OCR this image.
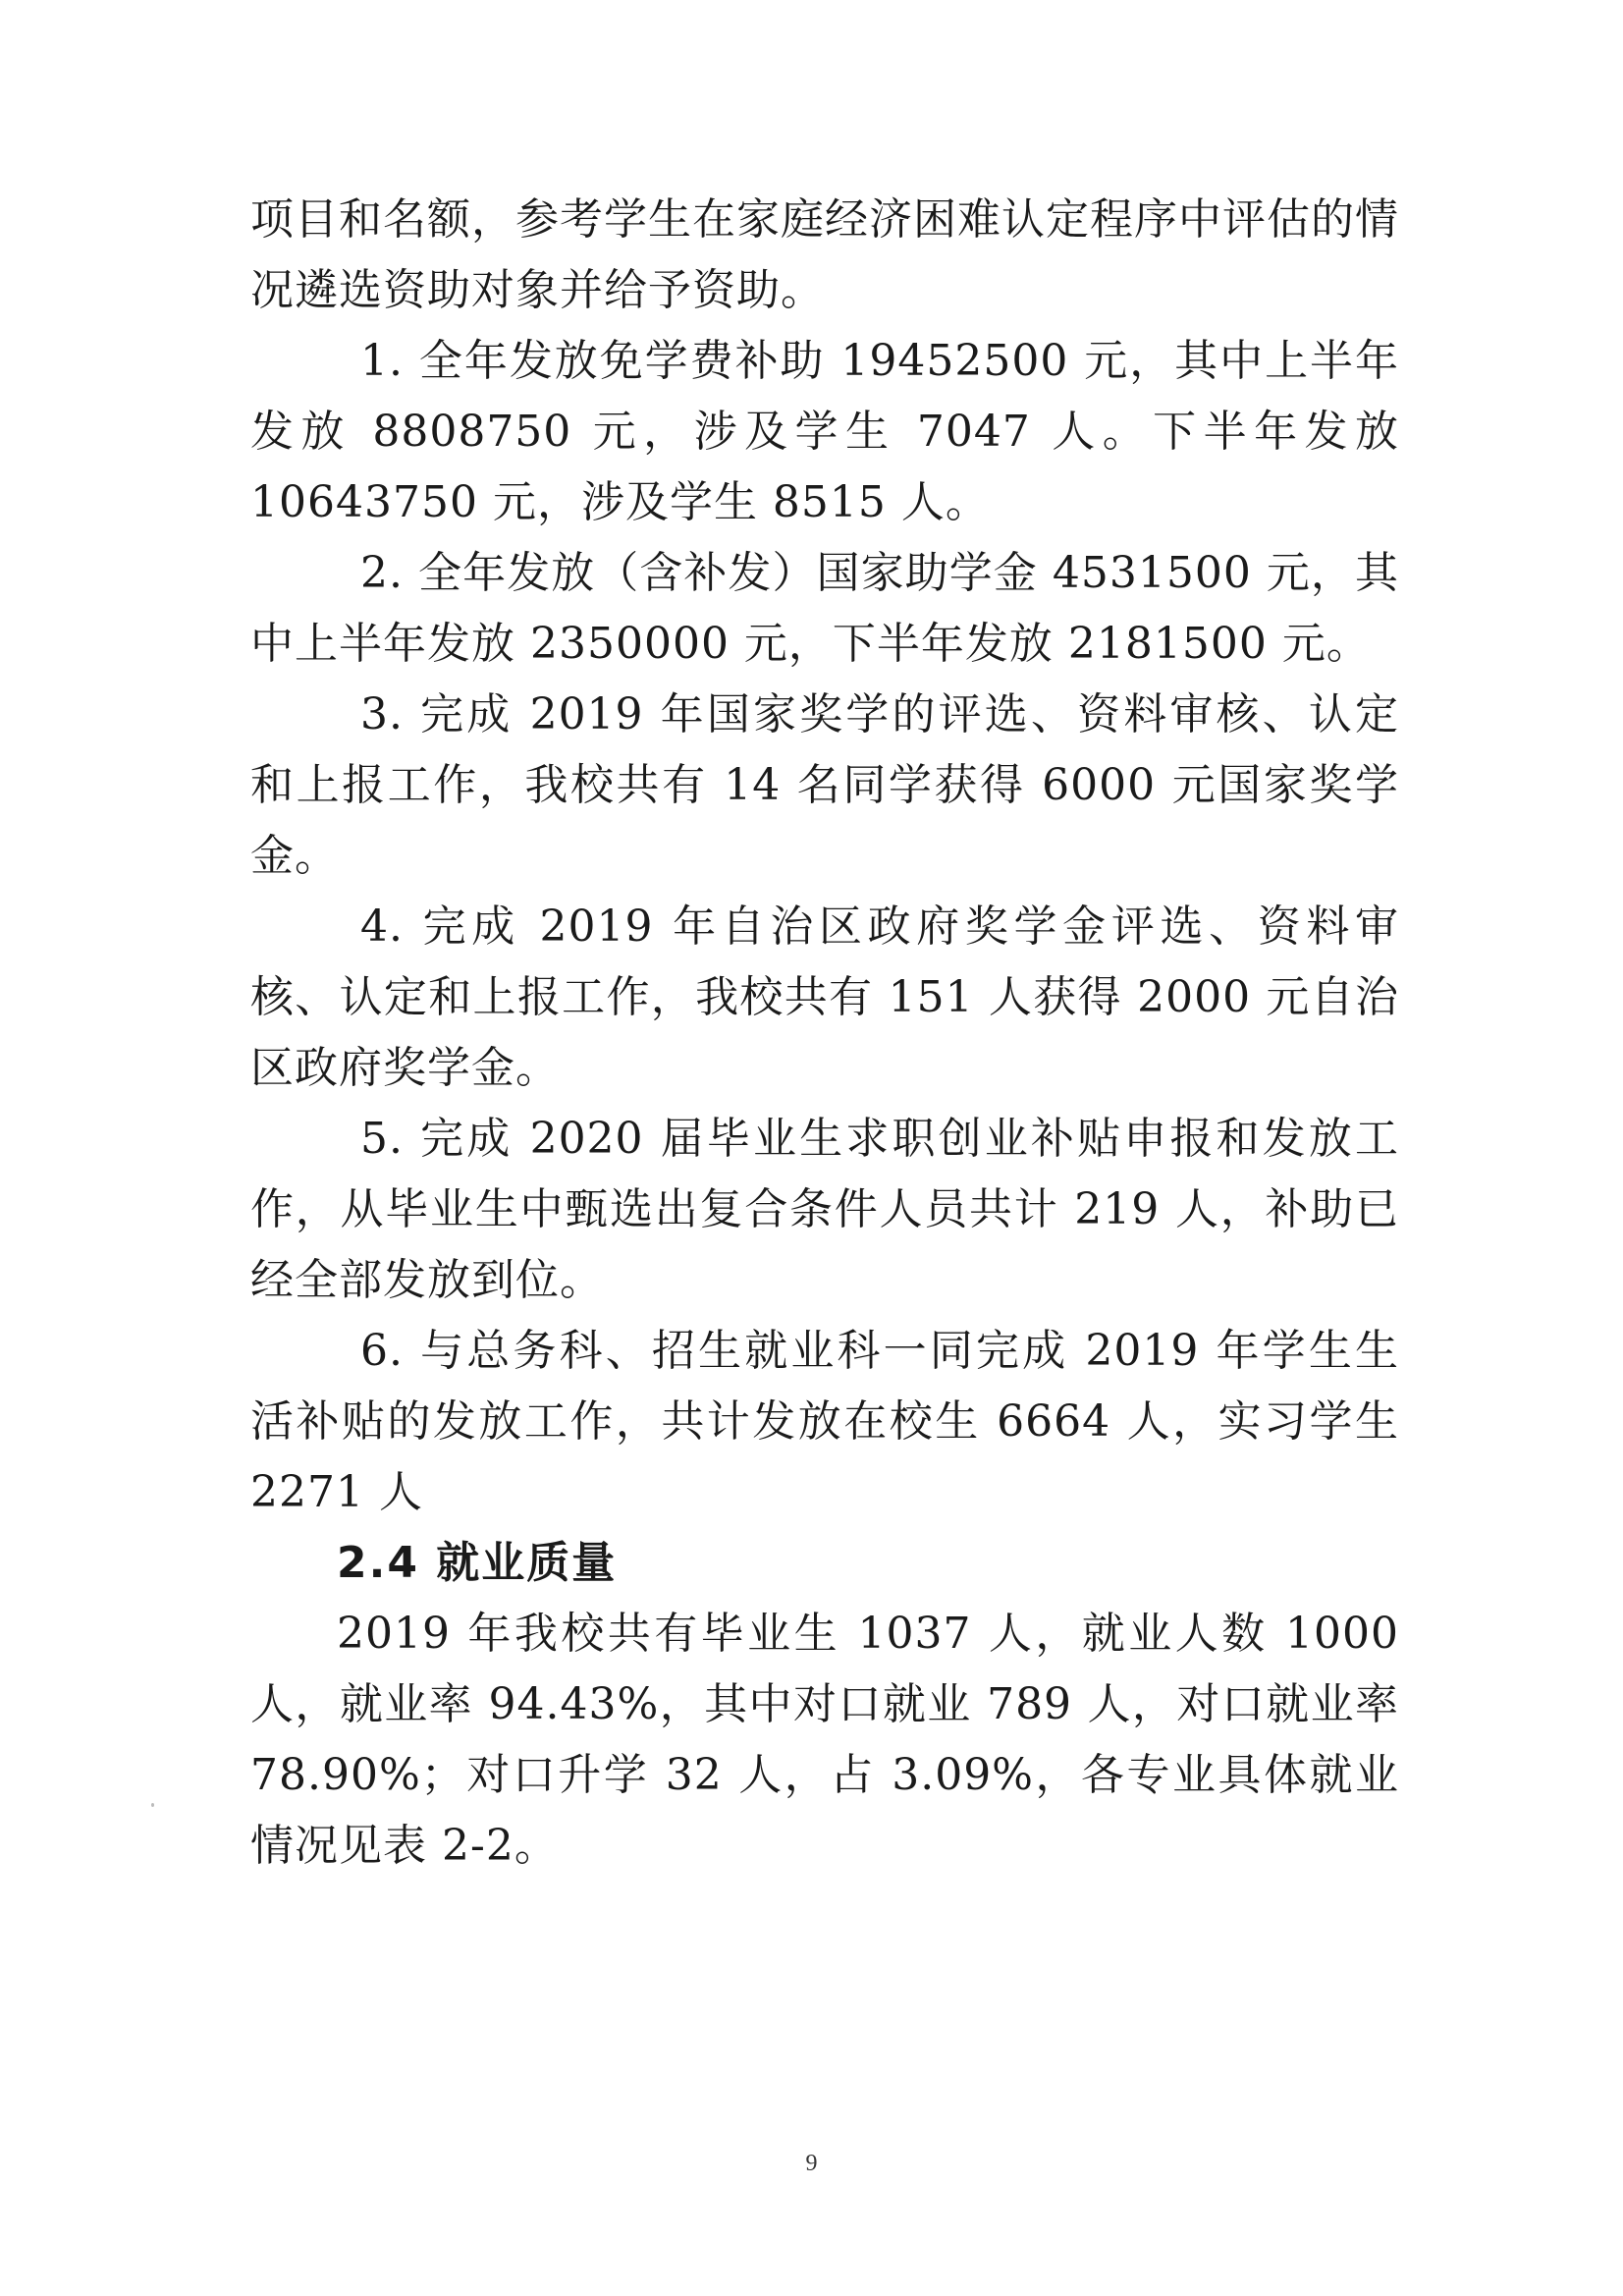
项目和名额，参考学生在家庭经济困难认定程序中评估的情况遴选资助对象并给予资助。

1. 全年发放免学费补助 19452500 元，其中上半年发放 8808750 元，涉及学生 7047 人。下半年发放 10643750 元，涉及学生 8515 人。

2. 全年发放（含补发）国家助学金 4531500 元，其中上半年发放 2350000 元，下半年发放 2181500 元。

3. 完成 2019 年国家奖学的评选、资料审核、认定和上报工作，我校共有 14 名同学获得 6000 元国家奖学金。

4. 完成 2019 年自治区政府奖学金评选、资料审核、认定和上报工作，我校共有 151 人获得 2000 元自治区政府奖学金。

5. 完成 2020 届毕业生求职创业补贴申报和发放工作，从毕业生中甄选出复合条件人员共计 219 人，补助已经全部发放到位。

6. 与总务科、招生就业科一同完成 2019 年学生生活补贴的发放工作，共计发放在校生 6664 人，实习学生 2271 人

2.4 就业质量

2019 年我校共有毕业生 1037 人，就业人数 1000 人，就业率 94.43%，其中对口就业 789 人，对口就业率 78.90%；对口升学 32 人，占 3.09%，各专业具体就业情况见表 2-2。

9
